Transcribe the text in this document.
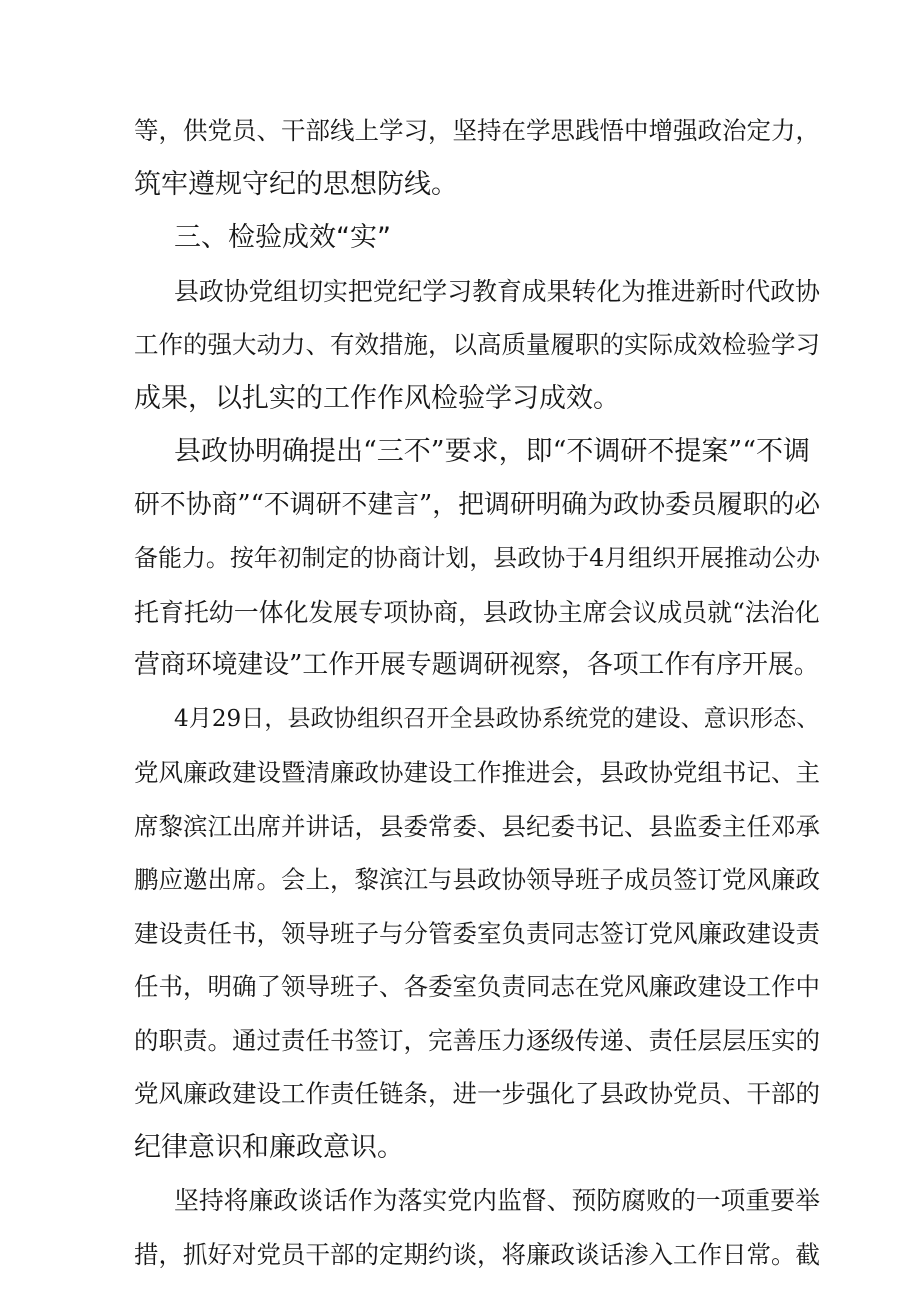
等，供党员、干部线上学习，坚持在学思践悟中增强政治定力，
筑牢遵规守纪的思想防线。
三、检验成效“实”
县政协党组切实把党纪学习教育成果转化为推进新时代政协
工作的强大动力、有效措施，以高质量履职的实际成效检验学习
成果，以扎实的工作作风检验学习成效。
县政协明确提出“三不”要求，即“不调研不提案”“不调
研不协商”“不调研不建言”，把调研明确为政协委员履职的必
备能力。按年初制定的协商计划，县政协于4月组织开展推动公办
托育托幼一体化发展专项协商，县政协主席会议成员就“法治化
营商环境建设”工作开展专题调研视察，各项工作有序开展。
4月29日，县政协组织召开全县政协系统党的建设、意识形态、
党风廉政建设暨清廉政协建设工作推进会，县政协党组书记、主
席黎滨江出席并讲话，县委常委、县纪委书记、县监委主任邓承
鹏应邀出席。会上，黎滨江与县政协领导班子成员签订党风廉政
建设责任书，领导班子与分管委室负责同志签订党风廉政建设责
任书，明确了领导班子、各委室负责同志在党风廉政建设工作中
的职责。通过责任书签订，完善压力逐级传递、责任层层压实的
党风廉政建设工作责任链条，进一步强化了县政协党员、干部的
纪律意识和廉政意识。
坚持将廉政谈话作为落实党内监督、预防腐败的一项重要举
措，抓好对党员干部的定期约谈，将廉政谈话渗入工作日常。截
